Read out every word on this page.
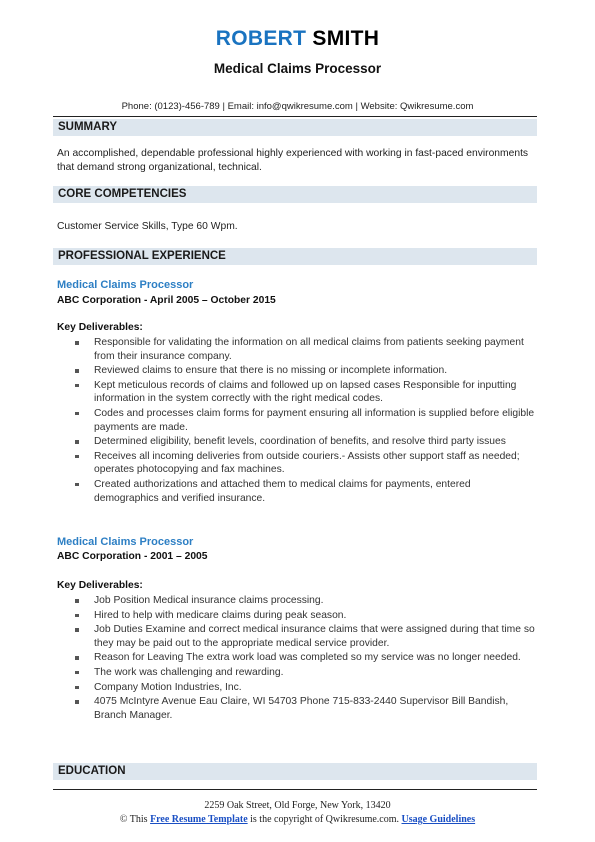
ROBERT SMITH
Medical Claims Processor
Phone: (0123)-456-789 | Email: info@qwikresume.com | Website: Qwikresume.com
SUMMARY
An accomplished, dependable professional highly experienced with working in fast-paced environments that demand strong organizational, technical.
CORE COMPETENCIES
Customer Service Skills, Type 60 Wpm.
PROFESSIONAL EXPERIENCE
Medical Claims Processor
ABC Corporation - April 2005 – October 2015
Key Deliverables:
Responsible for validating the information on all medical claims from patients seeking payment from their insurance company.
Reviewed claims to ensure that there is no missing or incomplete information.
Kept meticulous records of claims and followed up on lapsed cases Responsible for inputting information in the system correctly with the right medical codes.
Codes and processes claim forms for payment ensuring all information is supplied before eligible payments are made.
Determined eligibility, benefit levels, coordination of benefits, and resolve third party issues
Receives all incoming deliveries from outside couriers.- Assists other support staff as needed; operates photocopying and fax machines.
Created authorizations and attached them to medical claims for payments, entered demographics and verified insurance.
Medical Claims Processor
ABC Corporation - 2001 – 2005
Key Deliverables:
Job Position Medical insurance claims processing.
Hired to help with medicare claims during peak season.
Job Duties Examine and correct medical insurance claims that were assigned during that time so they may be paid out to the appropriate medical service provider.
Reason for Leaving The extra work load was completed so my service was no longer needed.
The work was challenging and rewarding.
Company Motion Industries, Inc.
4075 McIntyre Avenue Eau Claire, WI 54703 Phone 715-833-2440 Supervisor Bill Bandish, Branch Manager.
EDUCATION
2259 Oak Street, Old Forge, New York, 13420
© This Free Resume Template is the copyright of Qwikresume.com. Usage Guidelines
